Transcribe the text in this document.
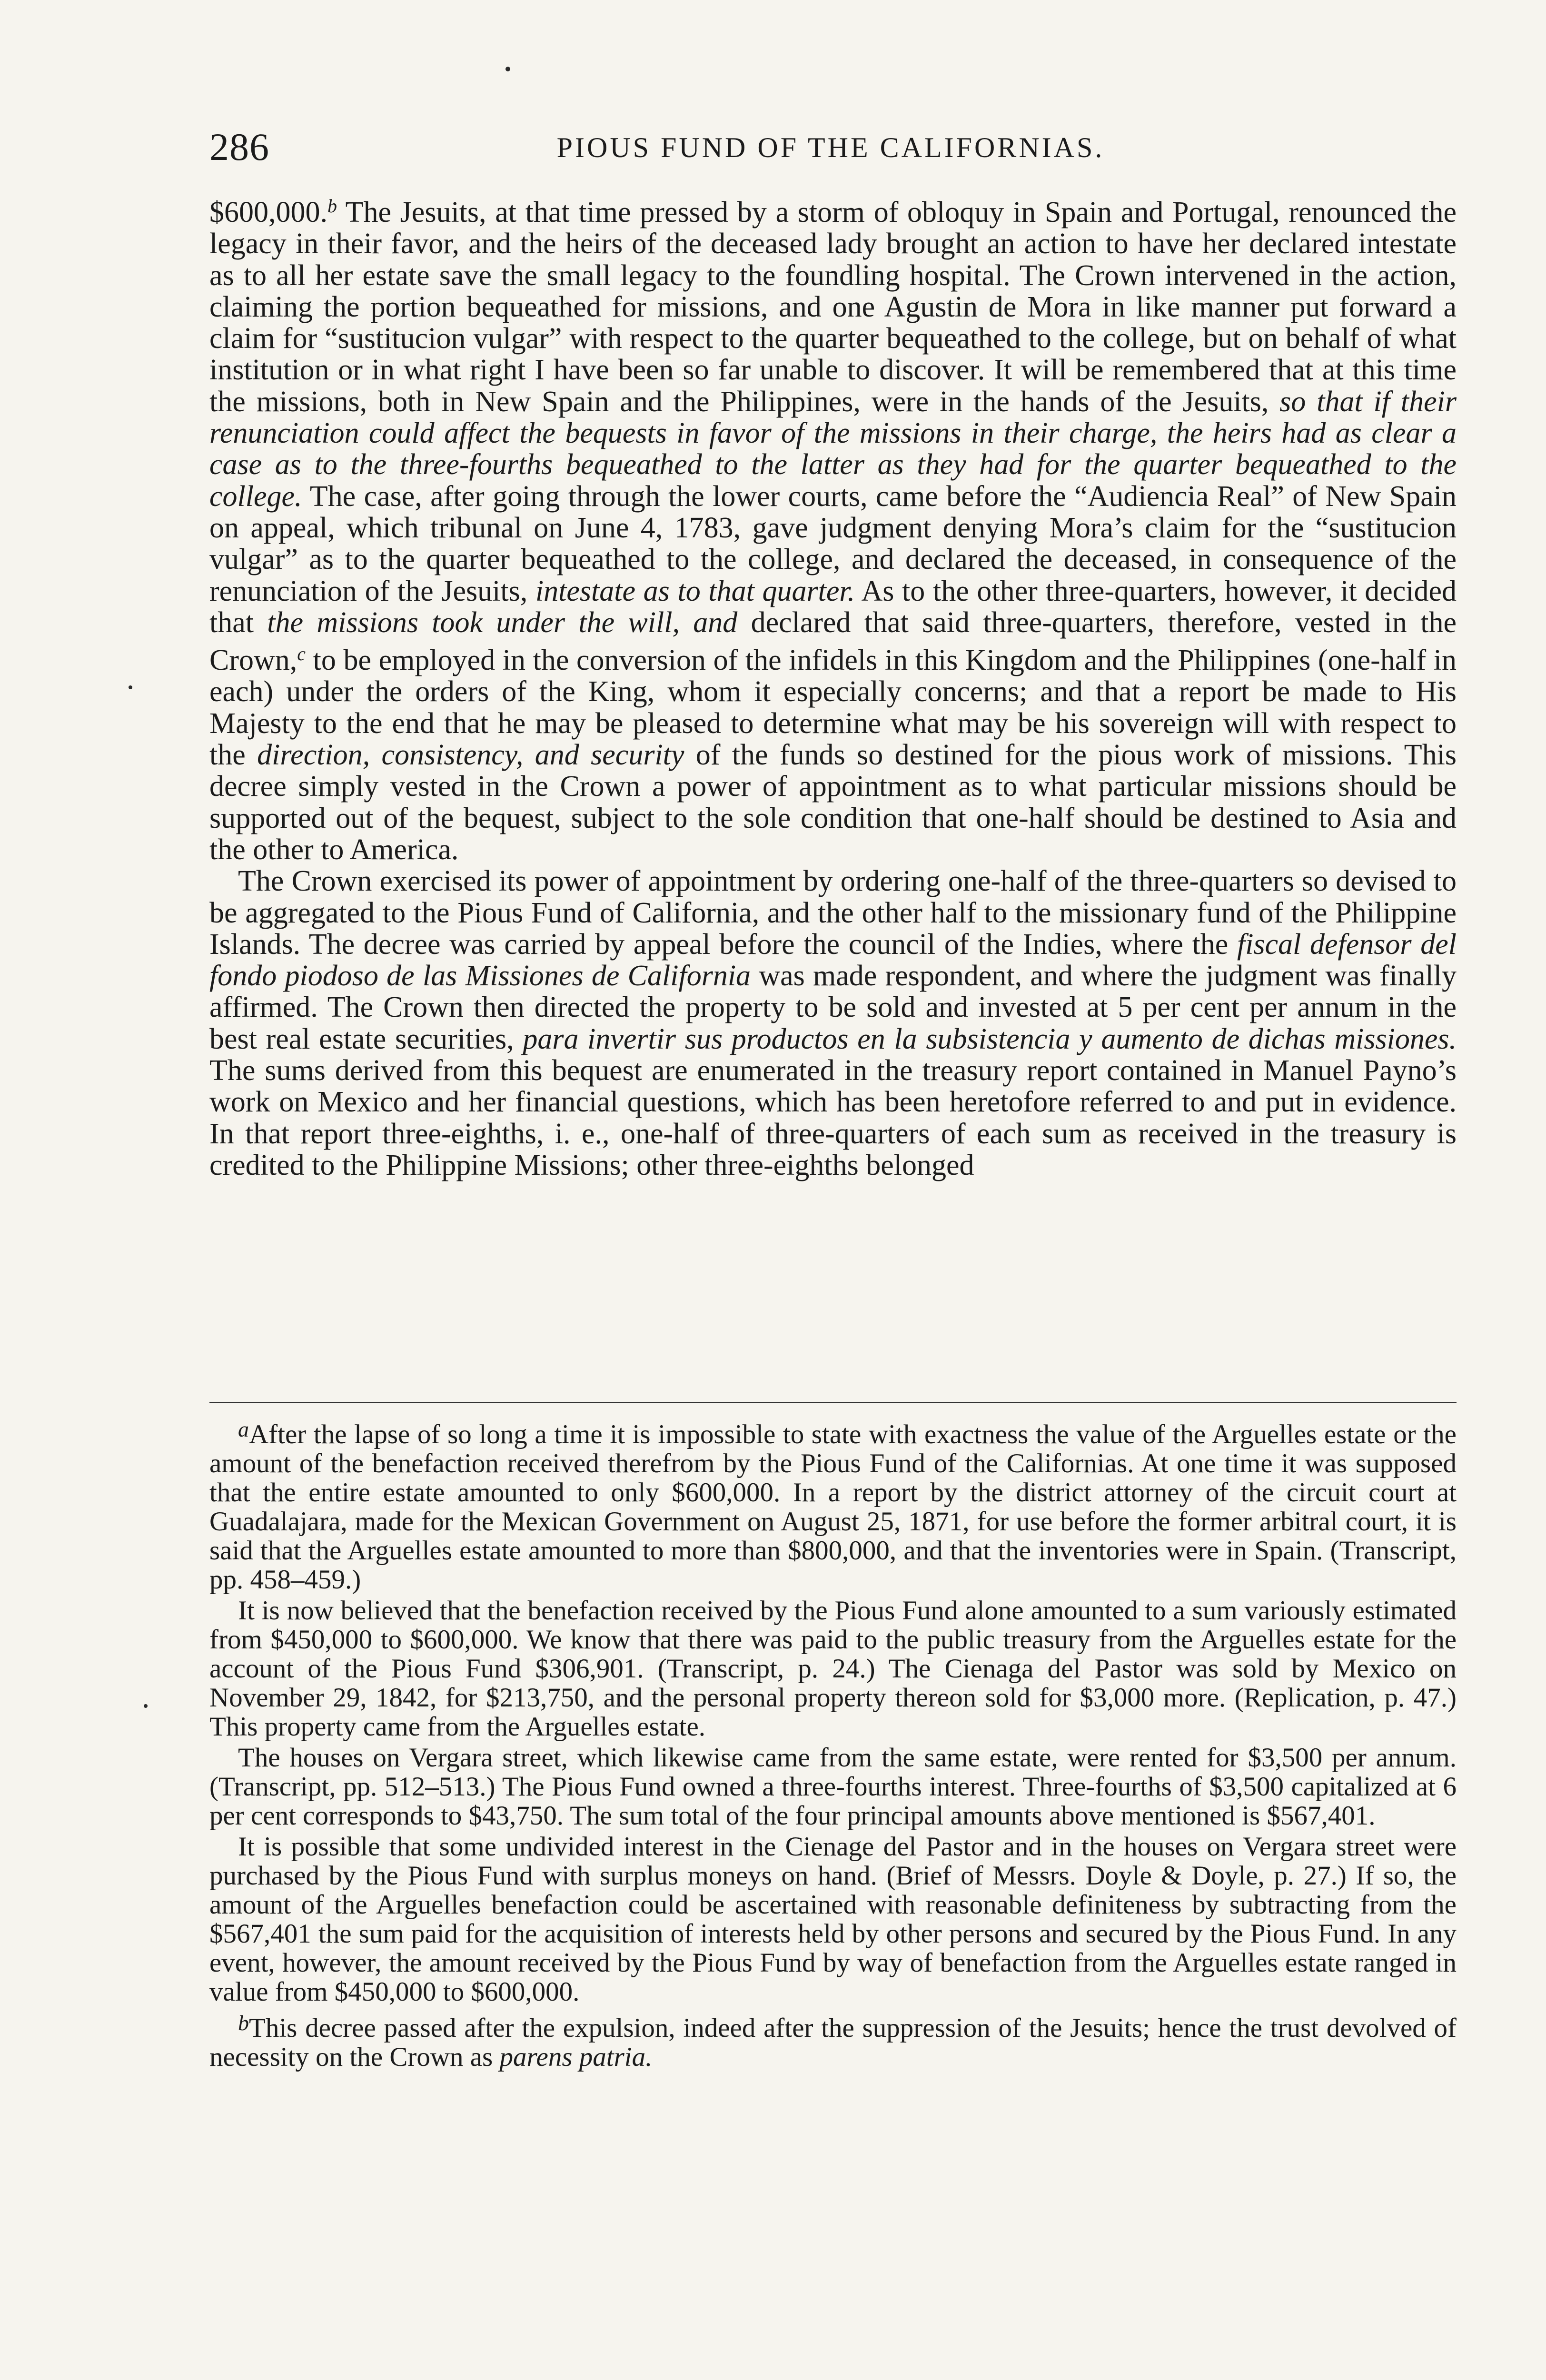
286	PIOUS FUND OF THE CALIFORNIAS.

$600,000.$^b$ The Jesuits, at that time pressed by a storm of obloquy in Spain and Portugal, renounced the legacy in their favor, and the heirs of the deceased lady brought an action to have her declared intestate as to all her estate save the small legacy to the foundling hospital. The Crown intervened in the action, claiming the portion bequeathed for missions, and one Agustin de Mora in like manner put forward a claim for “sustitucion vulgar” with respect to the quarter bequeathed to the college, but on behalf of what institution or in what right I have been so far unable to discover. It will be remembered that at this time the missions, both in New Spain and the Philippines, were in the hands of the Jesuits, so that if their renunciation could affect the bequests in favor of the missions in their charge, the heirs had as clear a case as to the three-fourths bequeathed to the latter as they had for the quarter bequeathed to the college. The case, after going through the lower courts, came before the “Audiencia Real” of New Spain on appeal, which tribunal on June 4, 1783, gave judgment denying Mora’s claim for the “sustitucion vulgar” as to the quarter bequeathed to the college, and declared the deceased, in consequence of the renunciation of the Jesuits, intestate as to that quarter. As to the other three-quarters, however, it decided that the missions took under the will, and declared that said three-quarters, therefore, vested in the Crown,$^c$ to be employed in the conversion of the infidels in this Kingdom and the Philippines (one-half in each) under the orders of the King, whom it especially concerns; and that a report be made to His Majesty to the end that he may be pleased to determine what may be his sovereign will with respect to the direction, consistency, and security of the funds so destined for the pious work of missions. This decree simply vested in the Crown a power of appointment as to what particular missions should be supported out of the bequest, subject to the sole condition that one-half should be destined to Asia and the other to America.

The Crown exercised its power of appointment by ordering one-half of the three-quarters so devised to be aggregated to the Pious Fund of California, and the other half to the missionary fund of the Philippine Islands. The decree was carried by appeal before the council of the Indies, where the fiscal defensor del fondo piodoso de las Missiones de California was made respondent, and where the judgment was finally affirmed. The Crown then directed the property to be sold and invested at 5 per cent per annum in the best real estate securities, para invertir sus productos en la subsistencia y aumento de dichas missiones. The sums derived from this bequest are enumerated in the treasury report contained in Manuel Payno’s work on Mexico and her financial questions, which has been heretofore referred to and put in evidence. In that report three-eighths, i. e., one-half of three-quarters of each sum as received in the treasury is credited to the Philippine Missions; other three-eighths belonged

$^a$After the lapse of so long a time it is impossible to state with exactness the value of the Arguelles estate or the amount of the benefaction received therefrom by the Pious Fund of the Californias. At one time it was supposed that the entire estate amounted to only $600,000. In a report by the district attorney of the circuit court at Guadalajara, made for the Mexican Government on August 25, 1871, for use before the former arbitral court, it is said that the Arguelles estate amounted to more than $800,000, and that the inventories were in Spain. (Transcript, pp. 458–459.)

It is now believed that the benefaction received by the Pious Fund alone amounted to a sum variously estimated from $450,000 to $600,000. We know that there was paid to the public treasury from the Arguelles estate for the account of the Pious Fund $306,901. (Transcript, p. 24.) The Cienaga del Pastor was sold by Mexico on November 29, 1842, for $213,750, and the personal property thereon sold for $3,000 more. (Replication, p. 47.) This property came from the Arguelles estate.

The houses on Vergara street, which likewise came from the same estate, were rented for $3,500 per annum. (Transcript, pp. 512–513.) The Pious Fund owned a three-fourths interest. Three-fourths of $3,500 capitalized at 6 per cent corresponds to $43,750. The sum total of the four principal amounts above mentioned is $567,401.

It is possible that some undivided interest in the Cienage del Pastor and in the houses on Vergara street were purchased by the Pious Fund with surplus moneys on hand. (Brief of Messrs. Doyle & Doyle, p. 27.) If so, the amount of the Arguelles benefaction could be ascertained with reasonable definiteness by subtracting from the $567,401 the sum paid for the acquisition of interests held by other persons and secured by the Pious Fund. In any event, however, the amount received by the Pious Fund by way of benefaction from the Arguelles estate ranged in value from $450,000 to $600,000.

$^b$This decree passed after the expulsion, indeed after the suppression of the Jesuits; hence the trust devolved of necessity on the Crown as parens patria.
